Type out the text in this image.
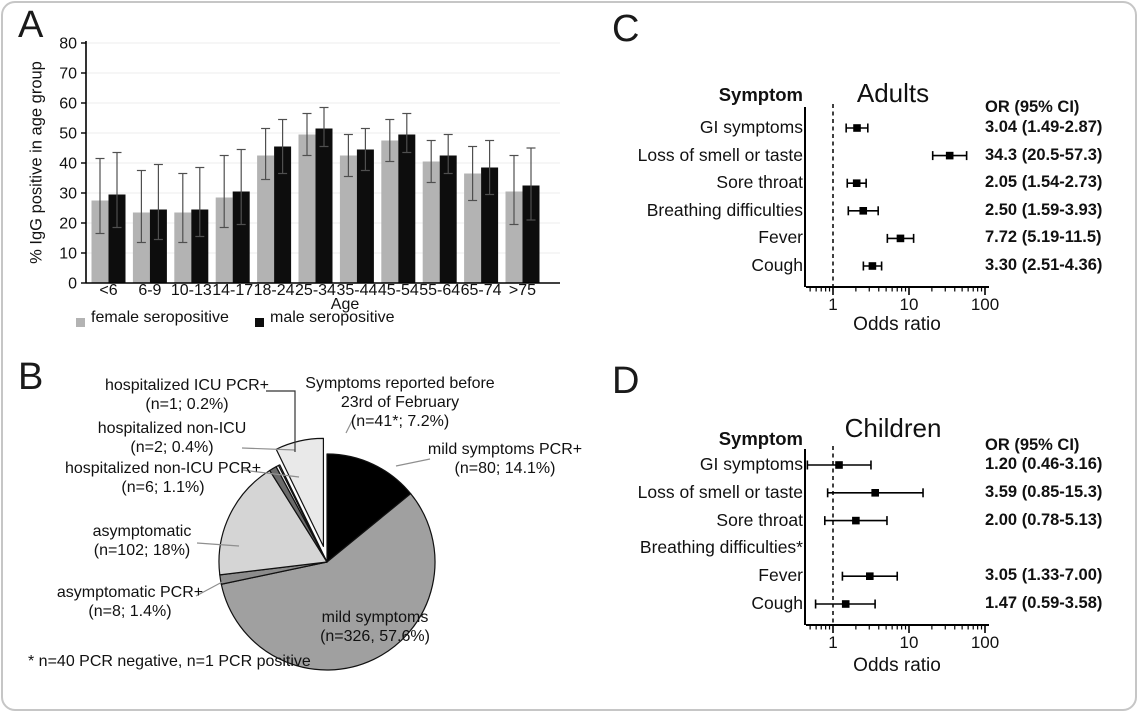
<6 6-9 10-13 14-17 18-24 25-34 35-44 45-54 55-64 65-74 >75
0
10
20
30
40
50
60
70
80
1	10	100
1	10	100
A
B
C
D
% IgG positive in age group
Age
female seropositive	male seropositive
* n=40 PCR negative, n=1 PCR positive
Adults
Symptom
OR (95% CI)
Odds ratio
Children
Symptom	OR (95% CI)
Odds ratio
mild symptoms PCR+
(n=80; 14.1%)
mild symptoms
(n=326, 57.6%)
asymptomatic PCR+
(n=8; 1.4%)
asymptomatic
(n=102; 18%)
hospitalized non-ICU PCR+
(n=6; 1.1%)
hospitalized non-ICU
(n=2; 0.4%)
hospitalized ICU PCR+
(n=1; 0.2%)
Symptoms reported before
23rd of February
(n=41*; 7.2%)
GI symptoms	3.04 (1.49-2.87)
Loss of smell or taste	34.3 (20.5-57.3)
Sore throat	2.05 (1.54-2.73)
Breathing difficulties	2.50 (1.59-3.93)
Fever	7.72 (5.19-11.5)
Cough	3.30 (2.51-4.36)
GI symptoms	1.20 (0.46-3.16)
Loss of smell or taste	3.59 (0.85-15.3)
Sore throat	2.00 (0.78-5.13)
Breathing difficulties*
Fever	3.05 (1.33-7.00)
Cough	1.47 (0.59-3.58)
